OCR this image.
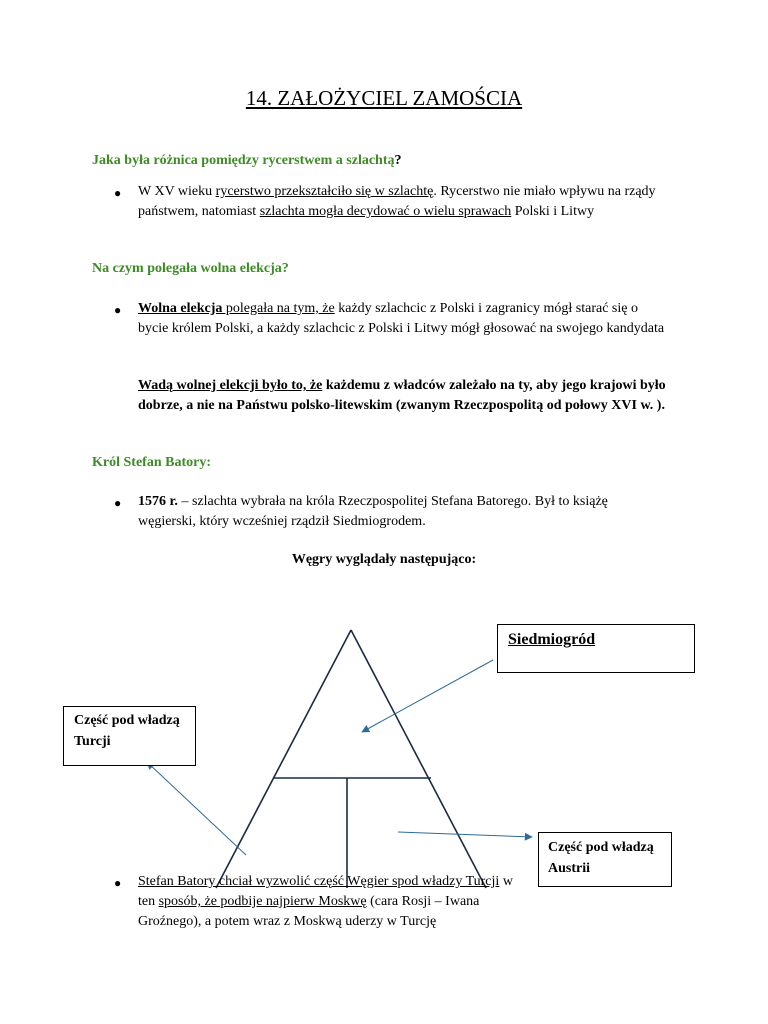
14. ZAŁOŻYCIEL ZAMOŚCIA
Jaka była różnica pomiędzy rycerstwem a szlachtą?
● W XV wieku rycerstwo przekształciło się w szlachtę. Rycerstwo nie miało wpływu na rządy państwem, natomiast szlachta mogła decydować o wielu sprawach Polski i Litwy
Na czym polegała wolna elekcja?
● Wolna elekcja polegała na tym, że każdy szlachcic z Polski i zagranicy mógł starać się o bycie królem Polski, a każdy szlachcic z Polski i Litwy mógł głosować na swojego kandydata
Wadą wolnej elekcji było to, że każdemu z władców zależało na ty, aby jego krajowi było dobrze, a nie na Państwu polsko-litewskim (zwanym Rzeczpospolitą od połowy XVI w. ).
Król Stefan Batory:
● 1576 r. – szlachta wybrała na króla Rzeczpospolitej Stefana Batorego. Był to książę węgierski, który wcześniej rządził Siedmiogrodem.
Węgry wyglądały następująco:
Siedmiogród
Część pod władzą Turcji
Część pod władzą Austrii
● Stefan Batory chciał wyzwolić część Węgier spod władzy Turcji w ten sposób, że podbije najpierw Moskwę (cara Rosji – Iwana Groźnego), a potem wraz z Moskwą uderzy w Turcję
